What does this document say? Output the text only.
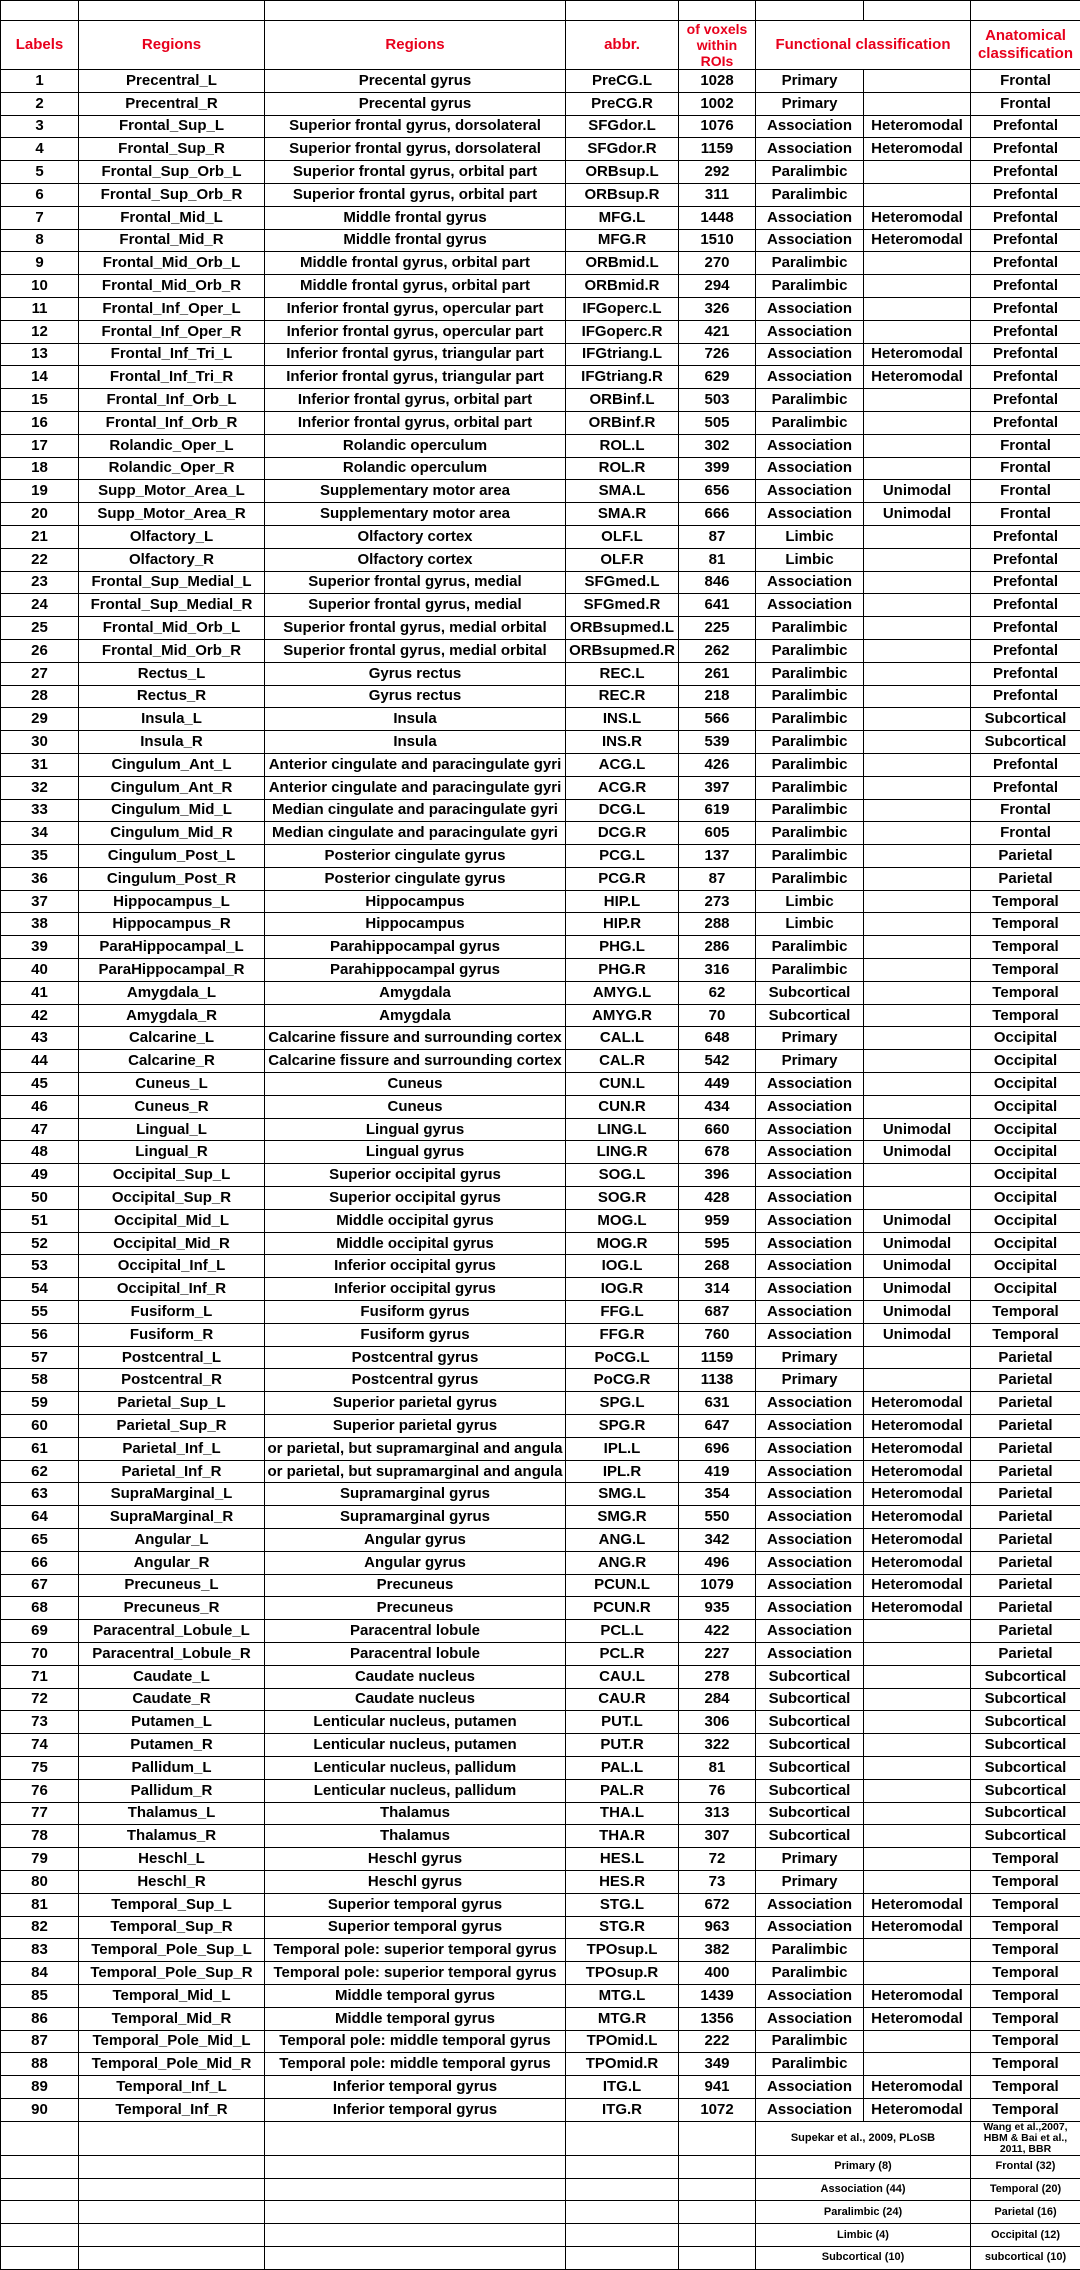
Labels	Regions	Regions	abbr.	of voxels within ROIs	Functional classification		Anatomical classification
1	Precentral_L	Precental gyrus	PreCG.L	1028	Primary		Frontal
2	Precentral_R	Precental gyrus	PreCG.R	1002	Primary		Frontal
3	Frontal_Sup_L	Superior frontal gyrus, dorsolateral	SFGdor.L	1076	Association	Heteromodal	Prefontal
4	Frontal_Sup_R	Superior frontal gyrus, dorsolateral	SFGdor.R	1159	Association	Heteromodal	Prefontal
5	Frontal_Sup_Orb_L	Superior frontal gyrus, orbital part	ORBsup.L	292	Paralimbic		Prefontal
6	Frontal_Sup_Orb_R	Superior frontal gyrus, orbital part	ORBsup.R	311	Paralimbic		Prefontal
7	Frontal_Mid_L	Middle frontal gyrus	MFG.L	1448	Association	Heteromodal	Prefontal
8	Frontal_Mid_R	Middle frontal gyrus	MFG.R	1510	Association	Heteromodal	Prefontal
9	Frontal_Mid_Orb_L	Middle frontal gyrus, orbital part	ORBmid.L	270	Paralimbic		Prefontal
10	Frontal_Mid_Orb_R	Middle frontal gyrus, orbital part	ORBmid.R	294	Paralimbic		Prefontal
11	Frontal_Inf_Oper_L	Inferior frontal gyrus, opercular part	IFGoperc.L	326	Association		Prefontal
12	Frontal_Inf_Oper_R	Inferior frontal gyrus, opercular part	IFGoperc.R	421	Association		Prefontal
13	Frontal_Inf_Tri_L	Inferior frontal gyrus, triangular part	IFGtriang.L	726	Association	Heteromodal	Prefontal
14	Frontal_Inf_Tri_R	Inferior frontal gyrus, triangular part	IFGtriang.R	629	Association	Heteromodal	Prefontal
15	Frontal_Inf_Orb_L	Inferior frontal gyrus, orbital part	ORBinf.L	503	Paralimbic		Prefontal
16	Frontal_Inf_Orb_R	Inferior frontal gyrus, orbital part	ORBinf.R	505	Paralimbic		Prefontal
17	Rolandic_Oper_L	Rolandic operculum	ROL.L	302	Association		Frontal
18	Rolandic_Oper_R	Rolandic operculum	ROL.R	399	Association		Frontal
19	Supp_Motor_Area_L	Supplementary motor area	SMA.L	656	Association	Unimodal	Frontal
20	Supp_Motor_Area_R	Supplementary motor area	SMA.R	666	Association	Unimodal	Frontal
21	Olfactory_L	Olfactory cortex	OLF.L	87	Limbic		Prefontal
22	Olfactory_R	Olfactory cortex	OLF.R	81	Limbic		Prefontal
23	Frontal_Sup_Medial_L	Superior frontal gyrus, medial	SFGmed.L	846	Association		Prefontal
24	Frontal_Sup_Medial_R	Superior frontal gyrus, medial	SFGmed.R	641	Association		Prefontal
25	Frontal_Mid_Orb_L	Superior frontal gyrus, medial orbital	ORBsupmed.L	225	Paralimbic		Prefontal
26	Frontal_Mid_Orb_R	Superior frontal gyrus, medial orbital	ORBsupmed.R	262	Paralimbic		Prefontal
27	Rectus_L	Gyrus rectus	REC.L	261	Paralimbic		Prefontal
28	Rectus_R	Gyrus rectus	REC.R	218	Paralimbic		Prefontal
29	Insula_L	Insula	INS.L	566	Paralimbic		Subcortical
30	Insula_R	Insula	INS.R	539	Paralimbic		Subcortical
31	Cingulum_Ant_L	Anterior cingulate and paracingulate gyri	ACG.L	426	Paralimbic		Prefontal
32	Cingulum_Ant_R	Anterior cingulate and paracingulate gyri	ACG.R	397	Paralimbic		Prefontal
33	Cingulum_Mid_L	Median cingulate and paracingulate gyri	DCG.L	619	Paralimbic		Frontal
34	Cingulum_Mid_R	Median cingulate and paracingulate gyri	DCG.R	605	Paralimbic		Frontal
35	Cingulum_Post_L	Posterior cingulate gyrus	PCG.L	137	Paralimbic		Parietal
36	Cingulum_Post_R	Posterior cingulate gyrus	PCG.R	87	Paralimbic		Parietal
37	Hippocampus_L	Hippocampus	HIP.L	273	Limbic		Temporal
38	Hippocampus_R	Hippocampus	HIP.R	288	Limbic		Temporal
39	ParaHippocampal_L	Parahippocampal gyrus	PHG.L	286	Paralimbic		Temporal
40	ParaHippocampal_R	Parahippocampal gyrus	PHG.R	316	Paralimbic		Temporal
41	Amygdala_L	Amygdala	AMYG.L	62	Subcortical		Temporal
42	Amygdala_R	Amygdala	AMYG.R	70	Subcortical		Temporal
43	Calcarine_L	Calcarine fissure and surrounding cortex	CAL.L	648	Primary		Occipital
44	Calcarine_R	Calcarine fissure and surrounding cortex	CAL.R	542	Primary		Occipital
45	Cuneus_L	Cuneus	CUN.L	449	Association		Occipital
46	Cuneus_R	Cuneus	CUN.R	434	Association		Occipital
47	Lingual_L	Lingual gyrus	LING.L	660	Association	Unimodal	Occipital
48	Lingual_R	Lingual gyrus	LING.R	678	Association	Unimodal	Occipital
49	Occipital_Sup_L	Superior occipital gyrus	SOG.L	396	Association		Occipital
50	Occipital_Sup_R	Superior occipital gyrus	SOG.R	428	Association		Occipital
51	Occipital_Mid_L	Middle occipital gyrus	MOG.L	959	Association	Unimodal	Occipital
52	Occipital_Mid_R	Middle occipital gyrus	MOG.R	595	Association	Unimodal	Occipital
53	Occipital_Inf_L	Inferior occipital gyrus	IOG.L	268	Association	Unimodal	Occipital
54	Occipital_Inf_R	Inferior occipital gyrus	IOG.R	314	Association	Unimodal	Occipital
55	Fusiform_L	Fusiform gyrus	FFG.L	687	Association	Unimodal	Temporal
56	Fusiform_R	Fusiform gyrus	FFG.R	760	Association	Unimodal	Temporal
57	Postcentral_L	Postcentral gyrus	PoCG.L	1159	Primary		Parietal
58	Postcentral_R	Postcentral gyrus	PoCG.R	1138	Primary		Parietal
59	Parietal_Sup_L	Superior parietal gyrus	SPG.L	631	Association	Heteromodal	Parietal
60	Parietal_Sup_R	Superior parietal gyrus	SPG.R	647	Association	Heteromodal	Parietal
61	Parietal_Inf_L	or parietal, but supramarginal and angula	IPL.L	696	Association	Heteromodal	Parietal
62	Parietal_Inf_R	or parietal, but supramarginal and angula	IPL.R	419	Association	Heteromodal	Parietal
63	SupraMarginal_L	Supramarginal gyrus	SMG.L	354	Association	Heteromodal	Parietal
64	SupraMarginal_R	Supramarginal gyrus	SMG.R	550	Association	Heteromodal	Parietal
65	Angular_L	Angular gyrus	ANG.L	342	Association	Heteromodal	Parietal
66	Angular_R	Angular gyrus	ANG.R	496	Association	Heteromodal	Parietal
67	Precuneus_L	Precuneus	PCUN.L	1079	Association	Heteromodal	Parietal
68	Precuneus_R	Precuneus	PCUN.R	935	Association	Heteromodal	Parietal
69	Paracentral_Lobule_L	Paracentral lobule	PCL.L	422	Association		Parietal
70	Paracentral_Lobule_R	Paracentral lobule	PCL.R	227	Association		Parietal
71	Caudate_L	Caudate nucleus	CAU.L	278	Subcortical		Subcortical
72	Caudate_R	Caudate nucleus	CAU.R	284	Subcortical		Subcortical
73	Putamen_L	Lenticular nucleus, putamen	PUT.L	306	Subcortical		Subcortical
74	Putamen_R	Lenticular nucleus, putamen	PUT.R	322	Subcortical		Subcortical
75	Pallidum_L	Lenticular nucleus, pallidum	PAL.L	81	Subcortical		Subcortical
76	Pallidum_R	Lenticular nucleus, pallidum	PAL.R	76	Subcortical		Subcortical
77	Thalamus_L	Thalamus	THA.L	313	Subcortical		Subcortical
78	Thalamus_R	Thalamus	THA.R	307	Subcortical		Subcortical
79	Heschl_L	Heschl gyrus	HES.L	72	Primary		Temporal
80	Heschl_R	Heschl gyrus	HES.R	73	Primary		Temporal
81	Temporal_Sup_L	Superior temporal gyrus	STG.L	672	Association	Heteromodal	Temporal
82	Temporal_Sup_R	Superior temporal gyrus	STG.R	963	Association	Heteromodal	Temporal
83	Temporal_Pole_Sup_L	Temporal pole: superior temporal gyrus	TPOsup.L	382	Paralimbic		Temporal
84	Temporal_Pole_Sup_R	Temporal pole: superior temporal gyrus	TPOsup.R	400	Paralimbic		Temporal
85	Temporal_Mid_L	Middle temporal gyrus	MTG.L	1439	Association	Heteromodal	Temporal
86	Temporal_Mid_R	Middle temporal gyrus	MTG.R	1356	Association	Heteromodal	Temporal
87	Temporal_Pole_Mid_L	Temporal pole: middle temporal gyrus	TPOmid.L	222	Paralimbic		Temporal
88	Temporal_Pole_Mid_R	Temporal pole: middle temporal gyrus	TPOmid.R	349	Paralimbic		Temporal
89	Temporal_Inf_L	Inferior temporal gyrus	ITG.L	941	Association	Heteromodal	Temporal
90	Temporal_Inf_R	Inferior temporal gyrus	ITG.R	1072	Association	Heteromodal	Temporal
					Supekar et al., 2009, PLoSB		Wang et al.,2007, HBM & Bai et al., 2011, BBR
					Primary (8)		Frontal (32)
					Association (44)		Temporal (20)
					Paralimbic (24)		Parietal (16)
					Limbic (4)		Occipital (12)
					Subcortical (10)		subcortical (10)
